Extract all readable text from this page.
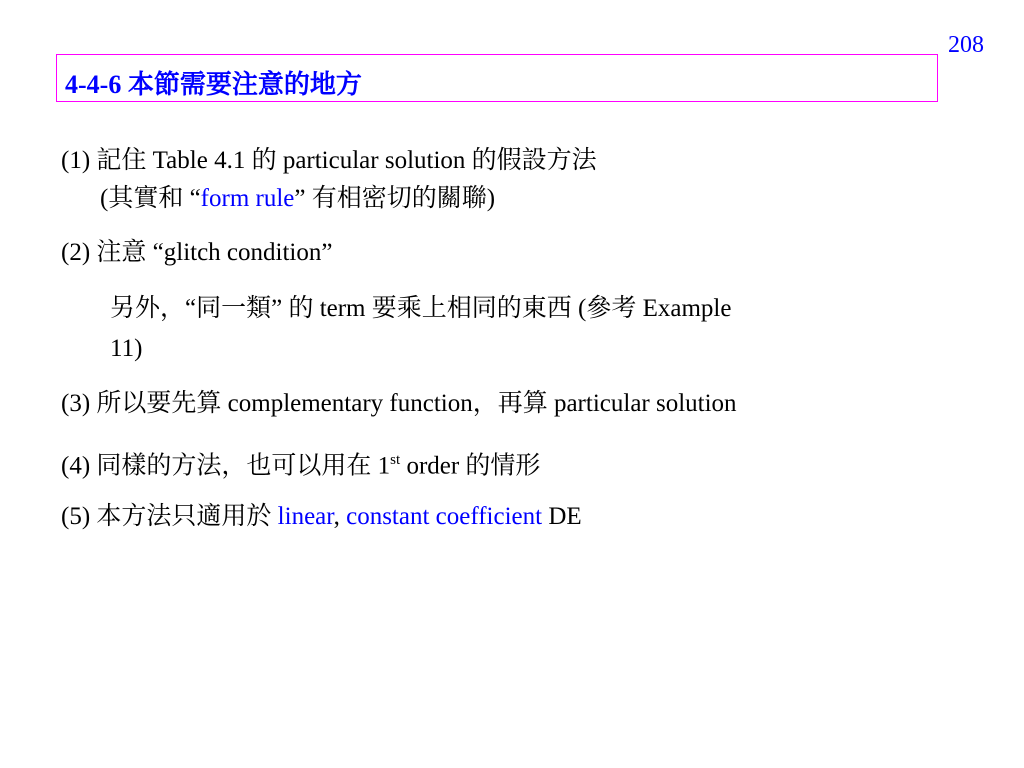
208
4-4-6 本節需要注意的地方
(1) 記住 Table 4.1 的 particular solution 的假設方法
(其實和 “form rule” 有相密切的關聯)
(2) 注意 “glitch condition”
另外，“同一類” 的 term 要乘上相同的東西 (參考 Example
11)
(3) 所以要先算 complementary function，再算 particular solution
(4) 同樣的方法，也可以用在 1st order 的情形
(5) 本方法只適用於 linear, constant coefficient DE
